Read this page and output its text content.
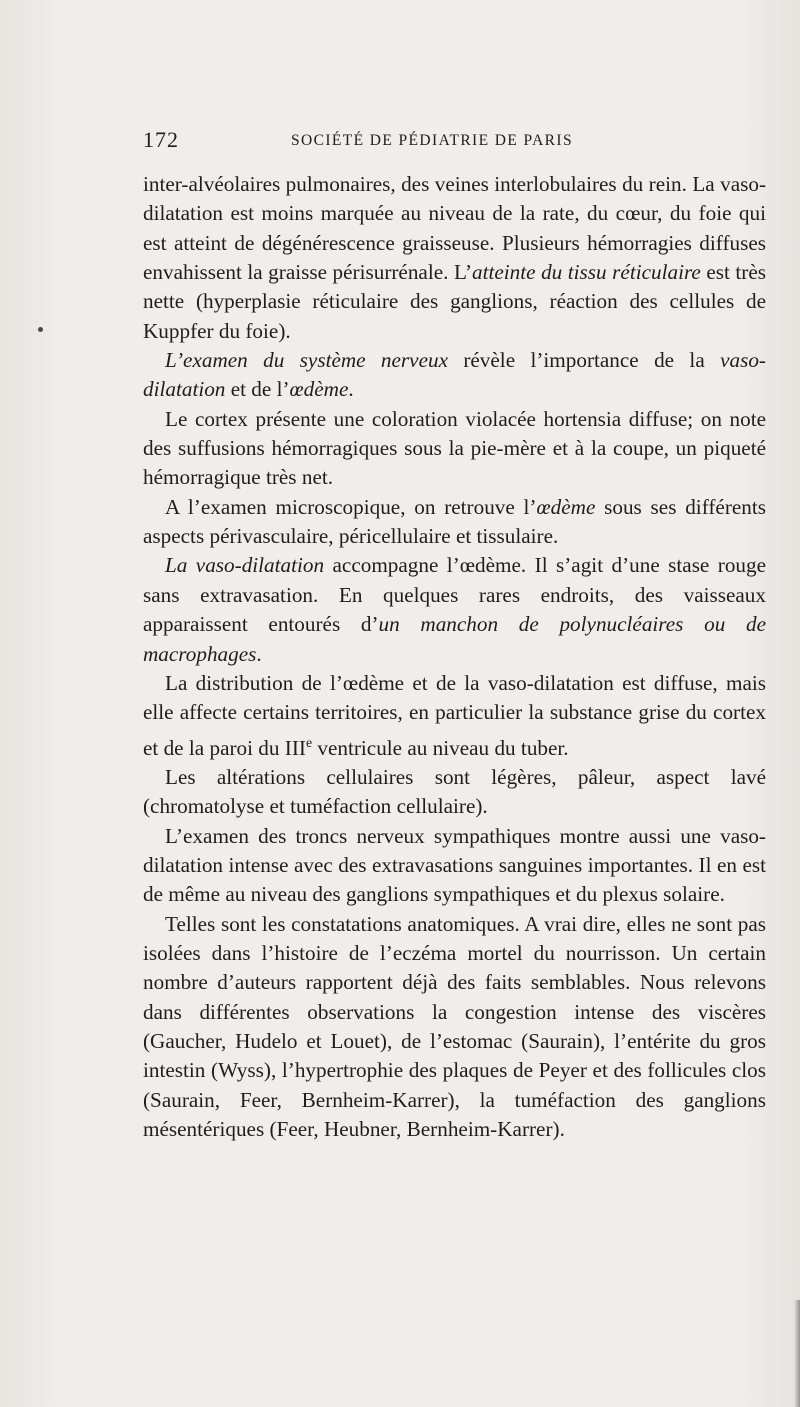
172	SOCIÉTÉ DE PÉDIATRIE DE PARIS

inter-alvéolaires pulmonaires, des veines interlobulaires du rein. La vaso-dilatation est moins marquée au niveau de la rate, du cœur, du foie qui est atteint de dégénérescence graisseuse. Plusieurs hémorragies diffuses envahissent la graisse périsurrénale. L’atteinte du tissu réticulaire est très nette (hyperplasie réticulaire des ganglions, réaction des cellules de Kuppfer du foie).

L’examen du système nerveux révèle l’importance de la vaso-dilatation et de l’œdème.

Le cortex présente une coloration violacée hortensia diffuse; on note des suffusions hémorragiques sous la pie-mère et à la coupe, un piqueté hémorragique très net.

A l’examen microscopique, on retrouve l’œdème sous ses différents aspects périvasculaire, péricellulaire et tissulaire.

La vaso-dilatation accompagne l’œdème. Il s’agit d’une stase rouge sans extravasation. En quelques rares endroits, des vaisseaux apparaissent entourés d’un manchon de polynucléaires ou de macrophages.

La distribution de l’œdème et de la vaso-dilatation est diffuse, mais elle affecte certains territoires, en particulier la substance grise du cortex et de la paroi du IIIe ventricule au niveau du tuber.

Les altérations cellulaires sont légères, pâleur, aspect lavé (chromatolyse et tuméfaction cellulaire).

L’examen des troncs nerveux sympathiques montre aussi une vaso-dilatation intense avec des extravasations sanguines importantes. Il en est de même au niveau des ganglions sympathiques et du plexus solaire.

Telles sont les constatations anatomiques. A vrai dire, elles ne sont pas isolées dans l’histoire de l’eczéma mortel du nourrisson. Un certain nombre d’auteurs rapportent déjà des faits semblables. Nous relevons dans différentes observations la congestion intense des viscères (Gaucher, Hudelo et Louet), de l’estomac (Saurain), l’entérite du gros intestin (Wyss), l’hypertrophie des plaques de Peyer et des follicules clos (Saurain, Feer, Bernheim-Karrer), la tuméfaction des ganglions mésentériques (Feer, Heubner, Bernheim-Karrer).
